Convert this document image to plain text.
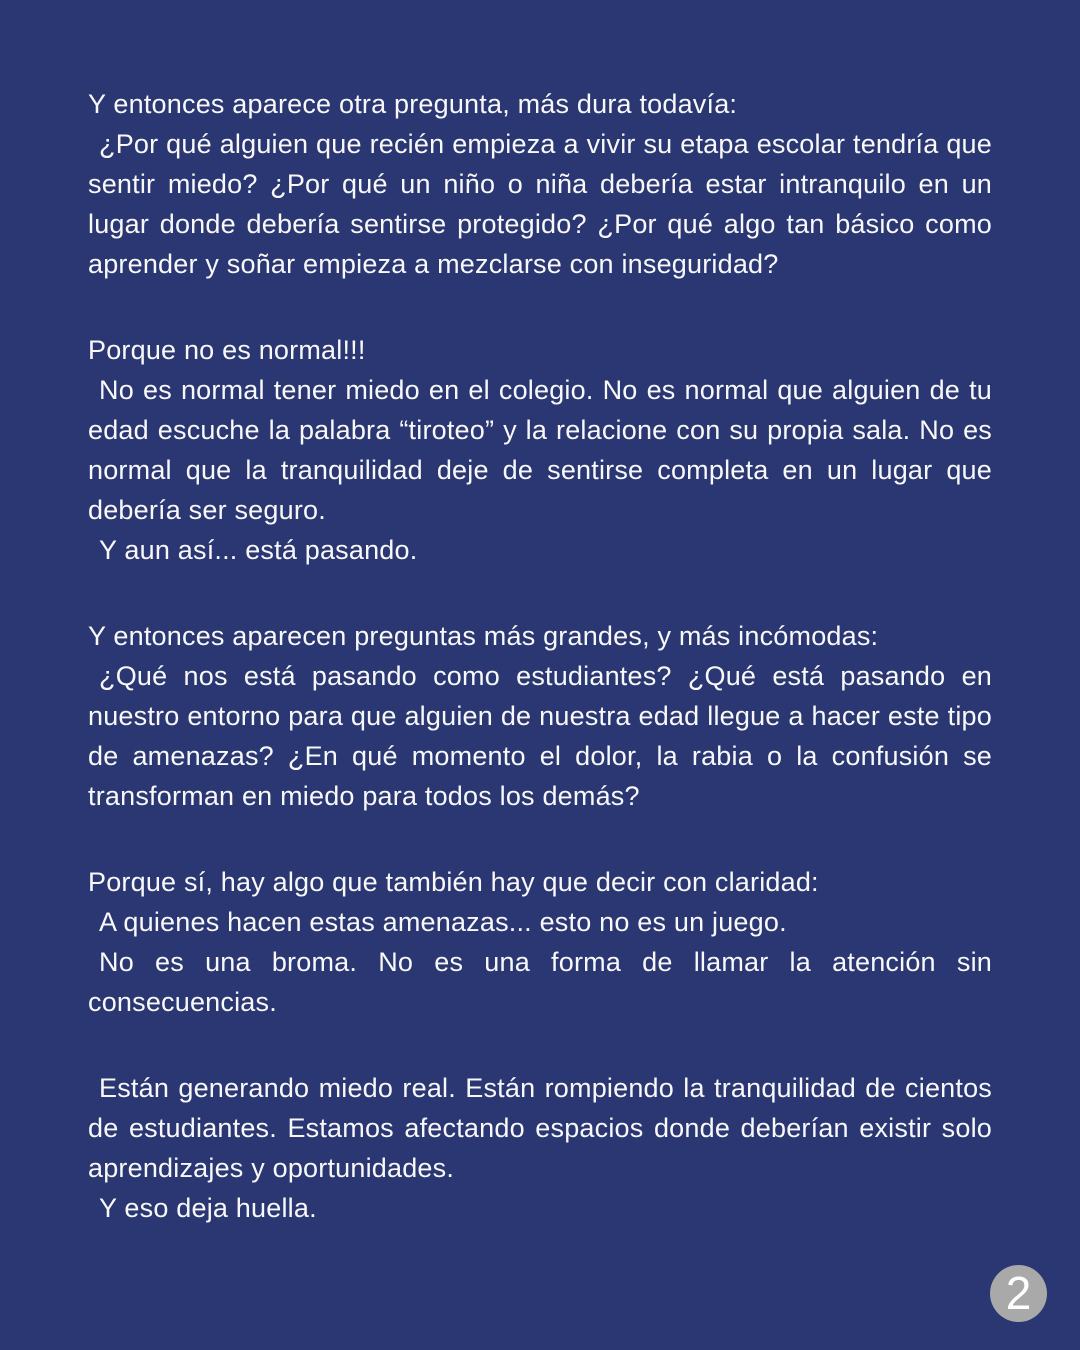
Y entonces aparece otra pregunta, más dura todavía:

¿Por qué alguien que recién empieza a vivir su etapa escolar tendría que sentir miedo? ¿Por qué un niño o niña debería estar intranquilo en un lugar donde debería sentirse protegido? ¿Por qué algo tan básico como aprender y soñar empieza a mezclarse con inseguridad?

Porque no es normal!!!

No es normal tener miedo en el colegio. No es normal que alguien de tu edad escuche la palabra “tiroteo” y la relacione con su propia sala. No es normal que la tranquilidad deje de sentirse completa en un lugar que debería ser seguro.

Y aun así... está pasando.

Y entonces aparecen preguntas más grandes, y más incómodas:

¿Qué nos está pasando como estudiantes? ¿Qué está pasando en nuestro entorno para que alguien de nuestra edad llegue a hacer este tipo de amenazas? ¿En qué momento el dolor, la rabia o la confusión se transforman en miedo para todos los demás?

Porque sí, hay algo que también hay que decir con claridad:

A quienes hacen estas amenazas... esto no es un juego.

No es una broma. No es una forma de llamar la atención sin consecuencias.

Están generando miedo real. Están rompiendo la tranquilidad de cientos de estudiantes. Estamos afectando espacios donde deberían existir solo aprendizajes y oportunidades.

Y eso deja huella.

2
